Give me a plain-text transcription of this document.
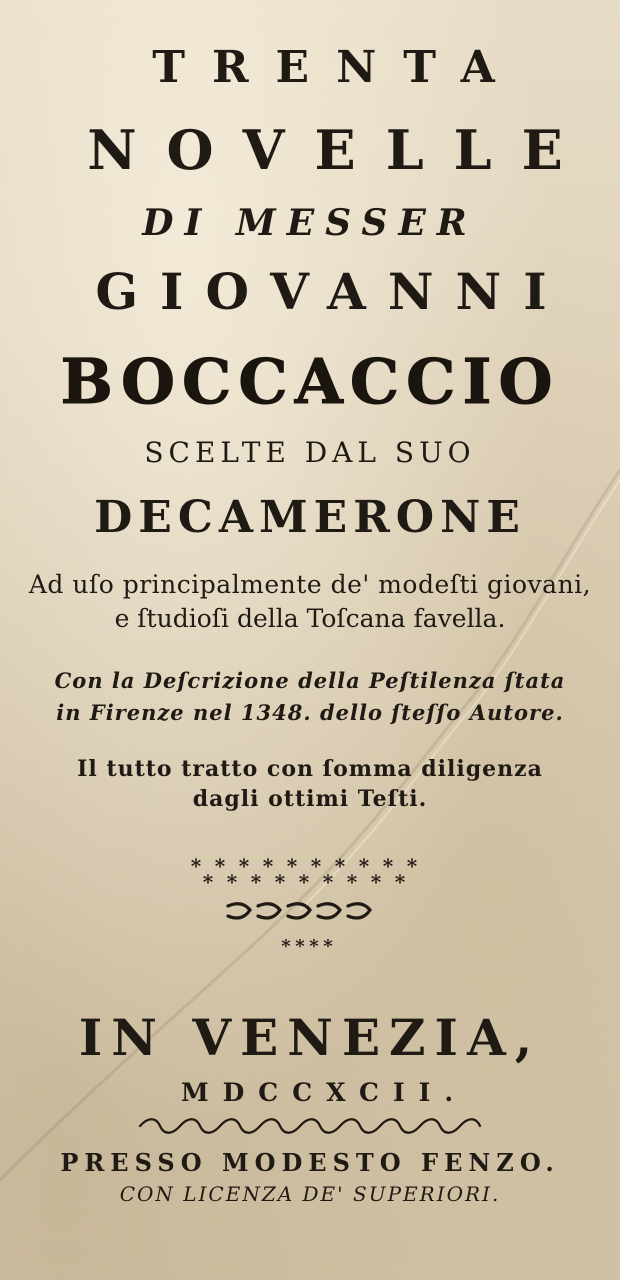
TRENTA
NOVELLE
DI MESSER
GIOVANNI
BOCCACCIO
SCELTE DAL SUO
DECAMERONE
Ad uſo principalmente de' modeſti giovani,
e ſtudioſi della Toſcana favella.
Con la Deſcrizione della Peſtilenza ſtata
in Firenze nel 1348. dello ſteſſo Autore.
Il tutto tratto con ſomma diligenza
dagli ottimi Teſti.
* * * * * * * * * *
* * * * * * * * *
* * * *
IN VENEZIA,
MDCCXCII.
PRESSO MODESTO FENZO.
CON LICENZA DE' SUPERIORI.
